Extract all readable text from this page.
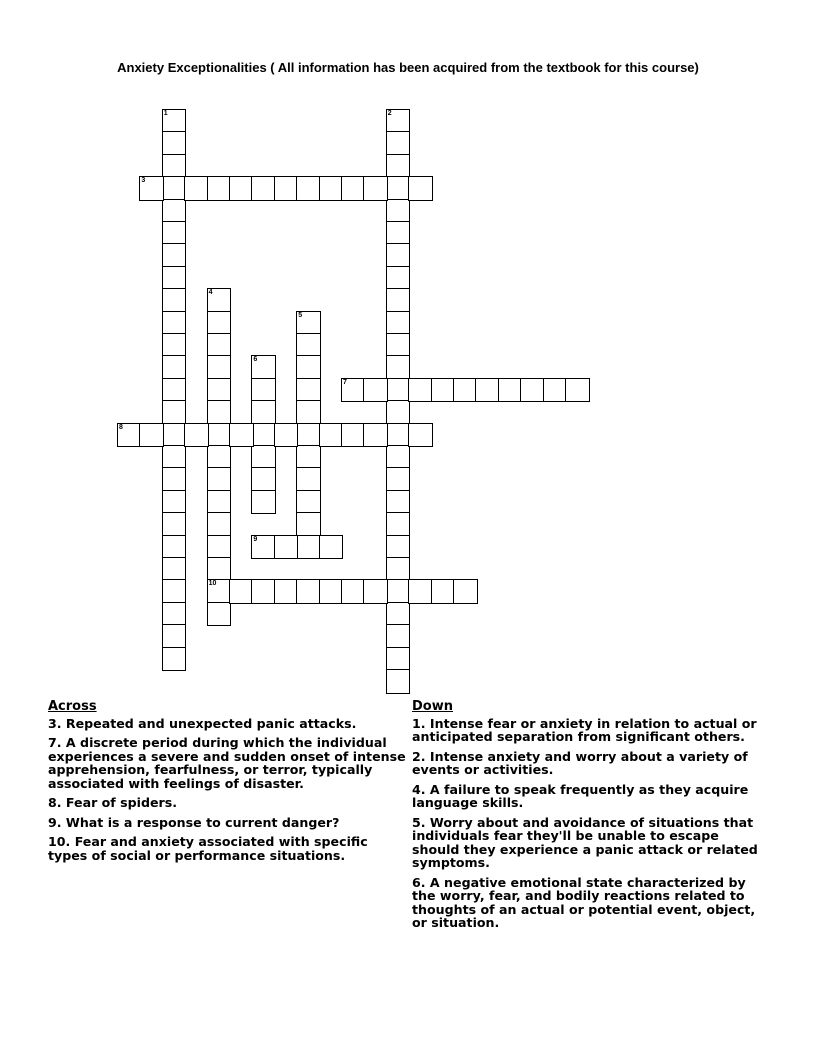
Anxiety Exceptionalities ( All information has been acquired from the textbook for this course)
1	2
3
4
10
5
6
7
8
9
Across
3. Repeated and unexpected panic attacks.
7. A discrete period during which the individual experiences a severe and sudden onset of intense apprehension, fearfulness, or terror, typically associated with feelings of disaster.
8. Fear of spiders.
9. What is a response to current danger?
10. Fear and anxiety associated with specific types of social or performance situations.
Down
1. Intense fear or anxiety in relation to actual or anticipated separation from significant others.
2. Intense anxiety and worry about a variety of events or activities.
4. A failure to speak frequently as they acquire language skills.
5. Worry about and avoidance of situations that individuals fear they'll be unable to escape should they experience a panic attack or related symptoms.
6. A negative emotional state characterized by the worry, fear, and bodily reactions related to thoughts of an actual or potential event, object, or situation.
